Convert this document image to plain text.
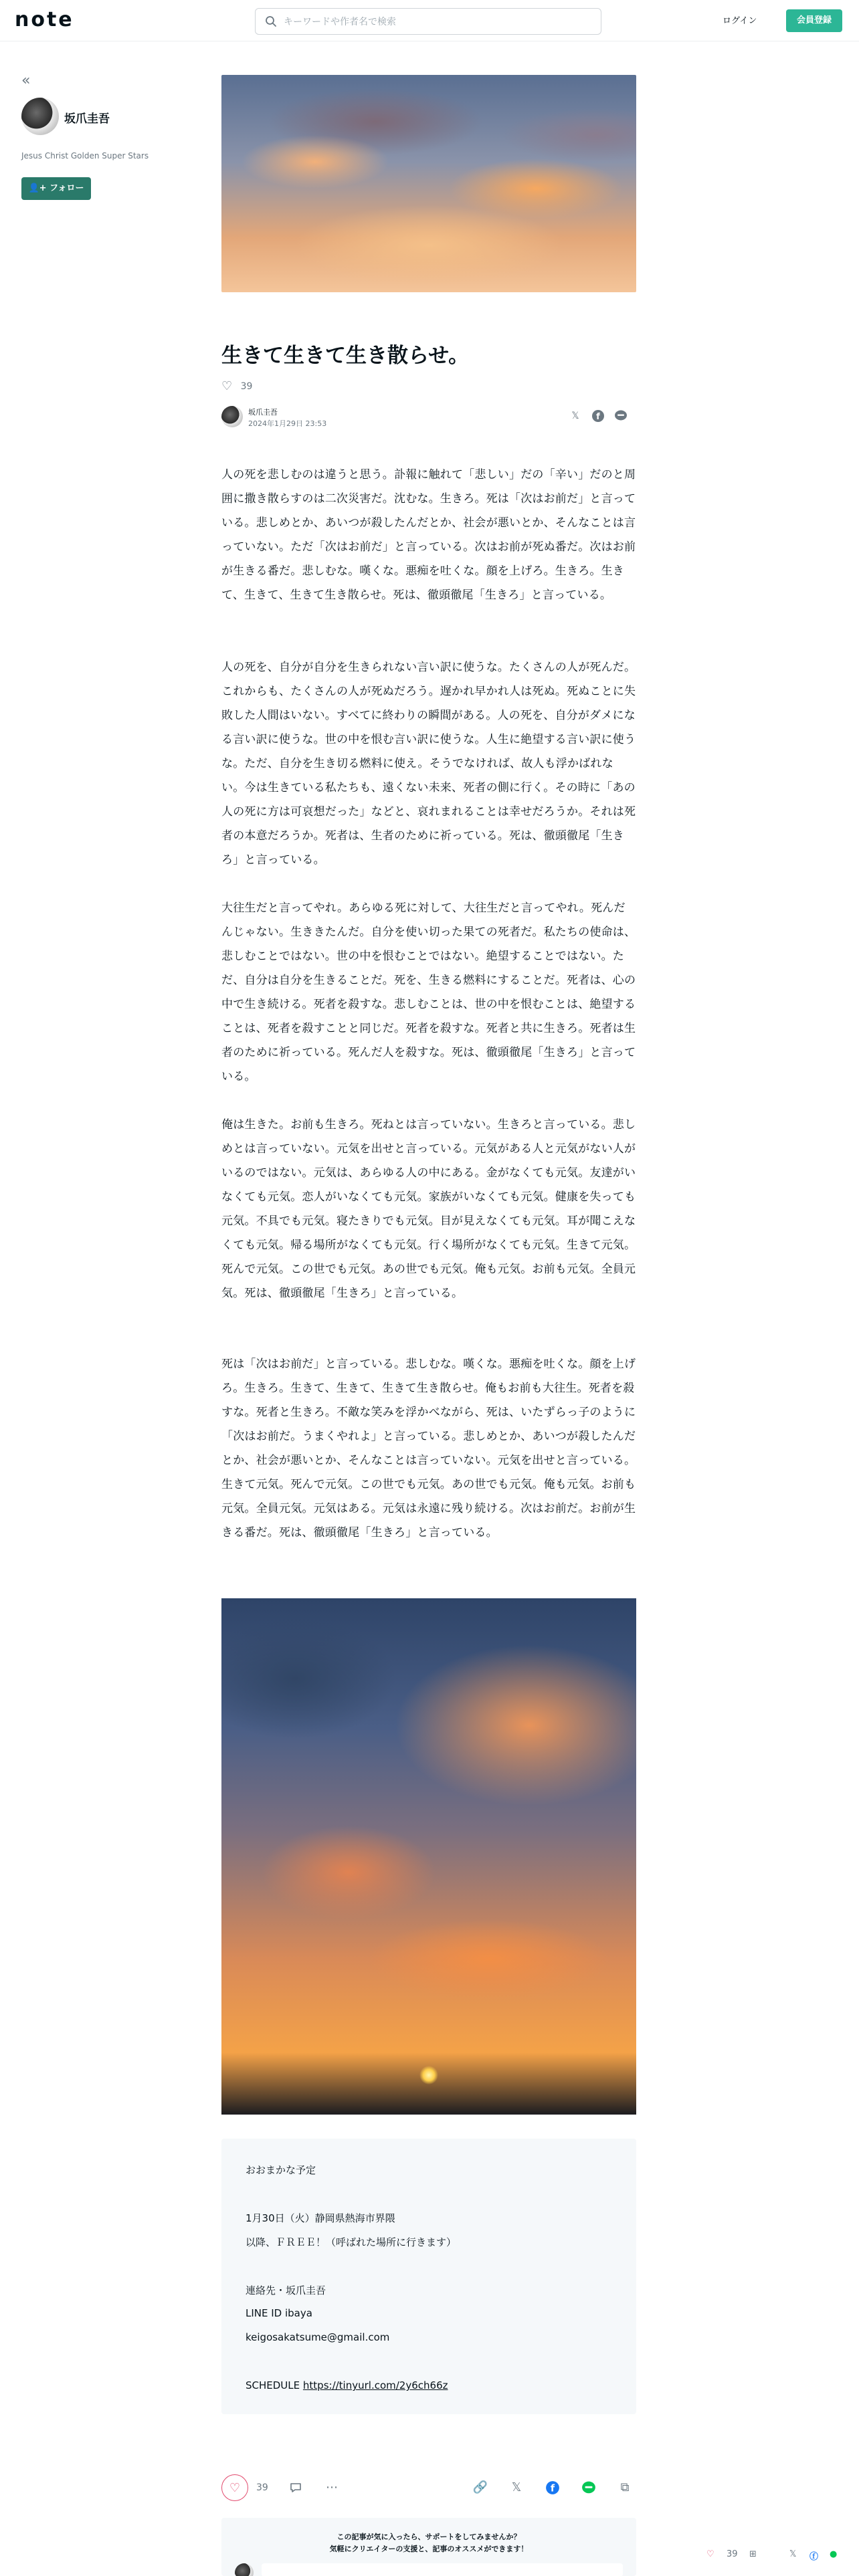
note
キーワードや作者名で検索	ログイン	会員登録
«
坂爪圭吾
Jesus Christ Golden Super Stars
👤+ フォロー
生きて生きて生き散らせ。
♡ 39
坂爪圭吾
2024年1月29日 23:53
𝕏	f

人の死を悲しむのは違うと思う。訃報に触れて「悲しい」だの「辛い」だのと周囲に撒き散らすのは二次災害だ。沈むな。生きろ。死は「次はお前だ」と言っている。悲しめとか、あいつが殺したんだとか、社会が悪いとか、そんなことは言っていない。ただ「次はお前だ」と言っている。次はお前が死ぬ番だ。次はお前が生きる番だ。悲しむな。嘆くな。悪痴を吐くな。顔を上げろ。生きろ。生きて、生きて、生きて生き散らせ。死は、徹頭徹尾「生きろ」と言っている。

人の死を、自分が自分を生きられない言い訳に使うな。たくさんの人が死んだ。これからも、たくさんの人が死ぬだろう。遅かれ早かれ人は死ぬ。死ぬことに失敗した人間はいない。すべてに終わりの瞬間がある。人の死を、自分がダメになる言い訳に使うな。世の中を恨む言い訳に使うな。人生に絶望する言い訳に使うな。ただ、自分を生き切る燃料に使え。そうでなければ、故人も浮かばれない。今は生きている私たちも、遠くない未来、死者の側に行く。その時に「あの人の死に方は可哀想だった」などと、哀れまれることは幸せだろうか。それは死者の本意だろうか。死者は、生者のために祈っている。死は、徹頭徹尾「生きろ」と言っている。

大往生だと言ってやれ。あらゆる死に対して、大往生だと言ってやれ。死んだんじゃない。生ききたんだ。自分を使い切った果ての死者だ。私たちの使命は、悲しむことではない。世の中を恨むことではない。絶望することではない。ただ、自分は自分を生きることだ。死を、生きる燃料にすることだ。死者は、心の中で生き続ける。死者を殺すな。悲しむことは、世の中を恨むことは、絶望することは、死者を殺すことと同じだ。死者を殺すな。死者と共に生きろ。死者は生者のために祈っている。死んだ人を殺すな。死は、徹頭徹尾「生きろ」と言っている。

俺は生きた。お前も生きろ。死ねとは言っていない。生きろと言っている。悲しめとは言っていない。元気を出せと言っている。元気がある人と元気がない人がいるのではない。元気は、あらゆる人の中にある。金がなくても元気。友達がいなくても元気。恋人がいなくても元気。家族がいなくても元気。健康を失っても元気。不具でも元気。寝たきりでも元気。目が見えなくても元気。耳が聞こえなくても元気。帰る場所がなくても元気。行く場所がなくても元気。生きて元気。死んで元気。この世でも元気。あの世でも元気。俺も元気。お前も元気。全員元気。死は、徹頭徹尾「生きろ」と言っている。

死は「次はお前だ」と言っている。悲しむな。嘆くな。悪痴を吐くな。顔を上げろ。生きろ。生きて、生きて、生きて生き散らせ。俺もお前も大往生。死者を殺すな。死者と生きろ。不敵な笑みを浮かべながら、死は、いたずらっ子のように「次はお前だ。うまくやれよ」と言っている。悲しめとか、あいつが殺したんだとか、社会が悪いとか、そんなことは言っていない。元気を出せと言っている。生きて元気。死んで元気。この世でも元気。あの世でも元気。俺も元気。お前も元気。全員元気。元気はある。元気は永遠に残り続ける。次はお前だ。お前が生きる番だ。死は、徹頭徹尾「生きろ」と言っている。

おおまかな予定

1月30日（火）静岡県熱海市界隈

以降、ＦＲＥＥ！（呼ばれた場所に行きます）

連絡先・坂爪圭吾

LINE ID ibaya

keigosakatsume@gmail.com

SCHEDULE https://tinyurl.com/2y6ch66z

♡	39	⋯	🔗	𝕏	f	⧉
この記事が気に入ったら、サポートをしてみませんか？
気軽にクリエイターの支援と、記事のオススメができます！
♡ 39 ⊞	𝕏 ⓕ ●
